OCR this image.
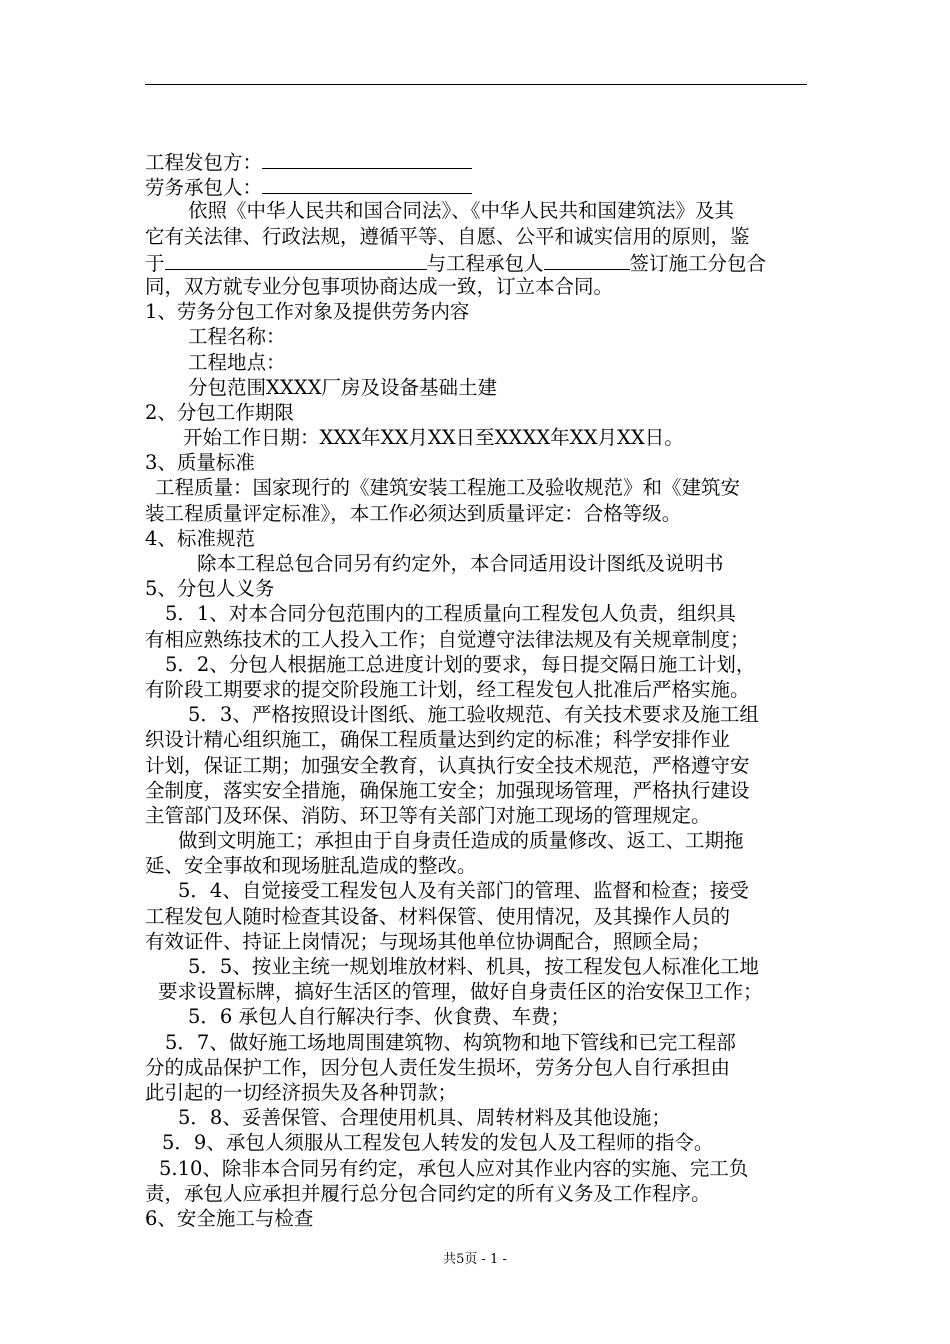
工程发包方：
劳务承包人：
依照《中华人民共和国合同法》、《中华人民共和国建筑法》及其
它有关法律、行政法规，遵循平等、自愿、公平和诚实信用的原则，鉴
于	与工程承包人	签订施工分包合
同，双方就专业分包事项协商达成一致，订立本合同。
1、劳务分包工作对象及提供劳务内容
工程名称：
工程地点：
分包范围XXXX厂房及设备基础土建
2、分包工作期限
开始工作日期：XXX年XX月XX日至XXXX年XX月XX日。
3、质量标准
工程质量：国家现行的《建筑安装工程施工及验收规范》和《建筑安
装工程质量评定标准》，本工作必须达到质量评定：合格等级。
4、标准规范
除本工程总包合同另有约定外，本合同适用设计图纸及说明书
5、分包人义务
5．1、对本合同分包范围内的工程质量向工程发包人负责，组织具
有相应熟练技术的工人投入工作；自觉遵守法律法规及有关规章制度；
5．2、分包人根据施工总进度计划的要求，每日提交隔日施工计划，
有阶段工期要求的提交阶段施工计划，经工程发包人批准后严格实施。
5．3、严格按照设计图纸、施工验收规范、有关技术要求及施工组
织设计精心组织施工，确保工程质量达到约定的标准；科学安排作业
计划，保证工期；加强安全教育，认真执行安全技术规范，严格遵守安
全制度，落实安全措施，确保施工安全；加强现场管理，严格执行建设
主管部门及环保、消防、环卫等有关部门对施工现场的管理规定。
做到文明施工；承担由于自身责任造成的质量修改、返工、工期拖
延、安全事故和现场脏乱造成的整改。
5．4、自觉接受工程发包人及有关部门的管理、监督和检查；接受
工程发包人随时检查其设备、材料保管、使用情况，及其操作人员的
有效证件、持证上岗情况；与现场其他单位协调配合，照顾全局；
5．5、按业主统一规划堆放材料、机具，按工程发包人标准化工地
要求设置标牌，搞好生活区的管理，做好自身责任区的治安保卫工作；
5．6 承包人自行解决行李、伙食费、车费；
5．7、做好施工场地周围建筑物、构筑物和地下管线和已完工程部
分的成品保护工作，因分包人责任发生损坏，劳务分包人自行承担由
此引起的一切经济损失及各种罚款；
5．8、妥善保管、合理使用机具、周转材料及其他设施；
5．9、承包人须服从工程发包人转发的发包人及工程师的指令。
5.10、除非本合同另有约定，承包人应对其作业内容的实施、完工负
责，承包人应承担并履行总分包合同约定的所有义务及工作程序。
6、安全施工与检查
共5页 - 1 -
